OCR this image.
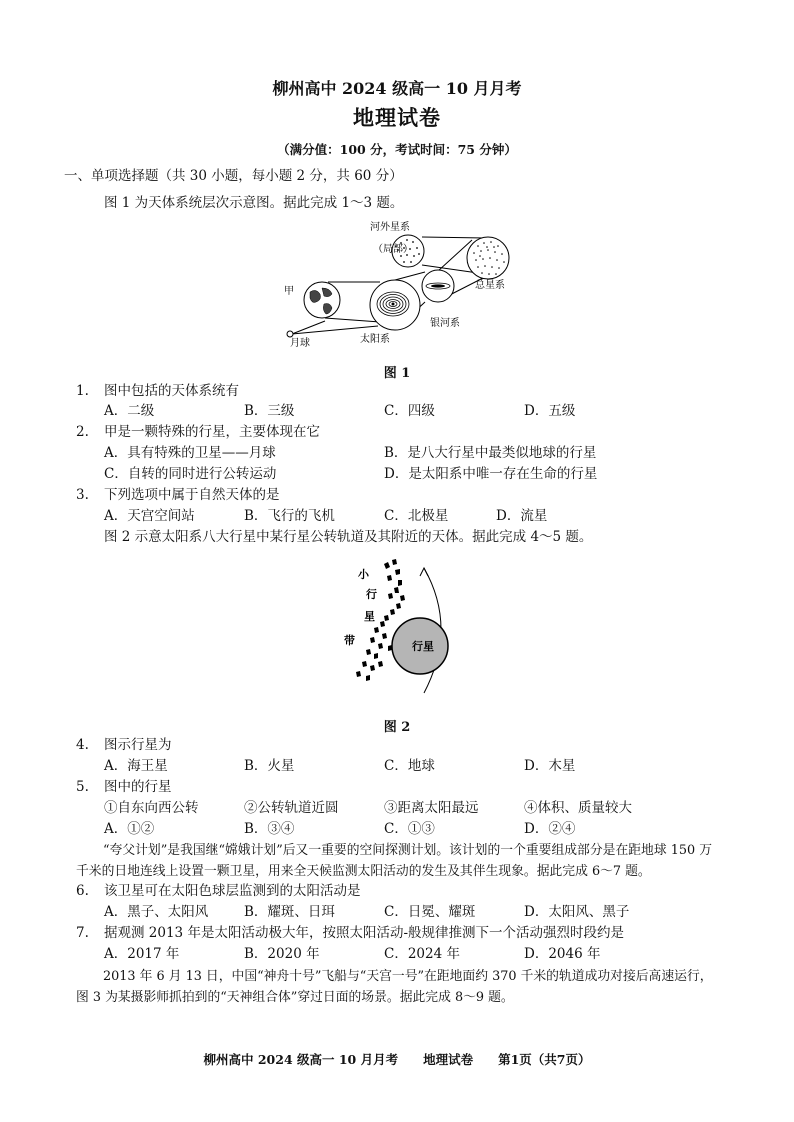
柳州高中 2024 级高一 10 月月考
地理试卷
（满分值：100 分，考试时间：75 分钟）
一、单项选择题（共 30 小题，每小题 2 分，共 60 分）
图 1 为天体系统层次示意图。据此完成 1～3 题。
河外星系
（局部）
总星系
甲
银河系
太阳系
月球
图 1
1. 图中包括的天体系统有
A．二级	B．三级	C．四级	D．五级
2. 甲是一颗特殊的行星，主要体现在它
A．具有特殊的卫星——月球	B．是八大行星中最类似地球的行星
C．自转的同时进行公转运动	D．是太阳系中唯一存在生命的行星
3. 下列选项中属于自然天体的是
A．天宫空间站	B．飞行的飞机	C．北极星	D．流星
图 2 示意太阳系八大行星中某行星公转轨道及其附近的天体。据此完成 4～5 题。
行星
小
行
星
带
图 2
4. 图示行星为
A．海王星	B．火星	C．地球	D．木星
5. 图中的行星
①自东向西公转	②公转轨道近圆	③距离太阳最远	④体积、质量较大
A．①②	B．③④	C．①③	D．②④
“夸父计划”是我国继“嫦娥计划”后又一重要的空间探测计划。该计划的一个重要组成部分是在距地球 150 万千米的日地连线上设置一颗卫星，用来全天候监测太阳活动的发生及其伴生现象。据此完成 6～7 题。
6. 该卫星可在太阳色球层监测到的太阳活动是
A．黑子、太阳风	B．耀斑、日珥	C．日冕、耀斑	D．太阳风、黑子
7. 据观测 2013 年是太阳活动极大年，按照太阳活动-般规律推测下一个活动强烈时段约是
A．2017 年	B．2020 年	C．2024 年	D．2046 年
2013 年 6 月 13 日，中国“神舟十号”飞船与“天宫一号”在距地面约 370 千米的轨道成功对接后高速运行，图 3 为某摄影师抓拍到的“天神组合体”穿过日面的场景。据此完成 8～9 题。
柳州高中 2024 级高一 10 月月考　　地理试卷　　第1页（共7页）
